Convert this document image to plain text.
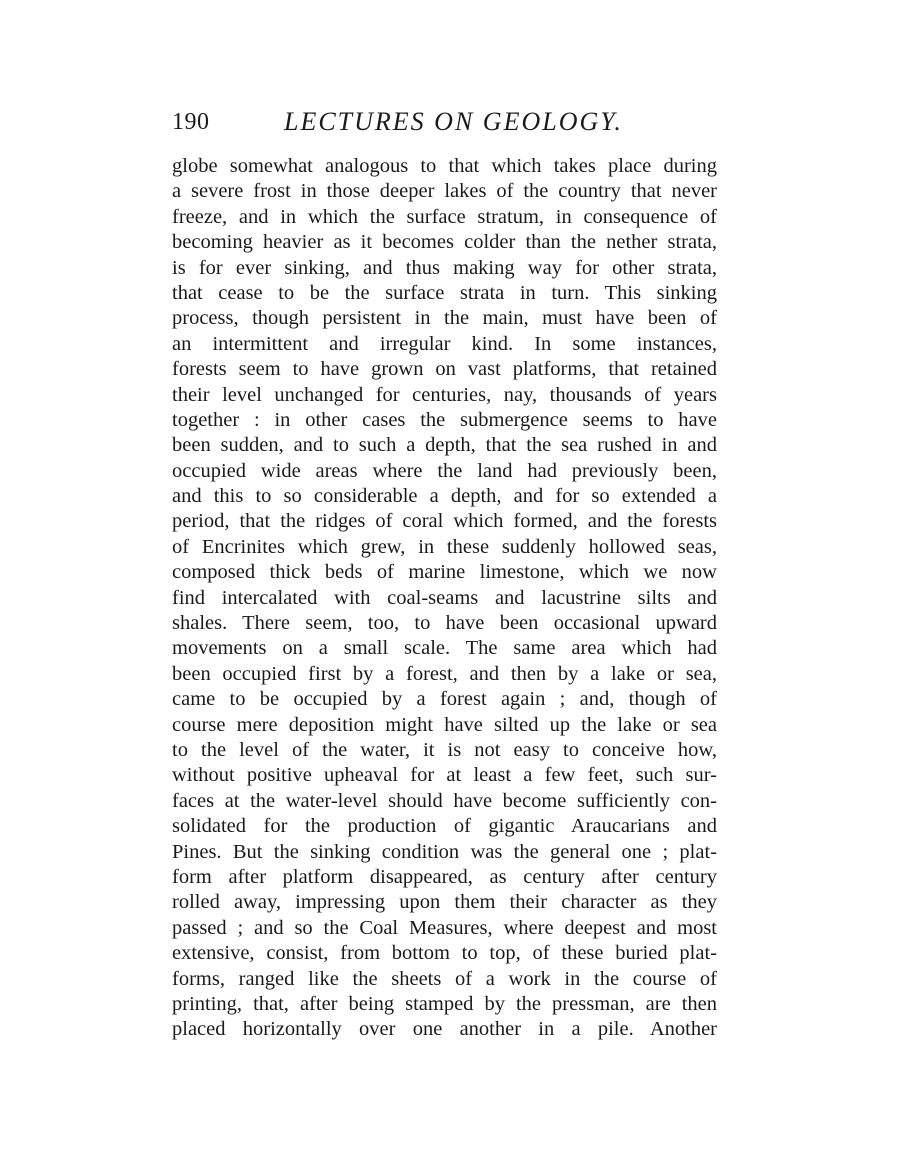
190	LECTURES ON GEOLOGY.
globe somewhat analogous to that which takes place during
a severe frost in those deeper lakes of the country that never
freeze, and in which the surface stratum, in consequence of
becoming heavier as it becomes colder than the nether strata,
is for ever sinking, and thus making way for other strata,
that cease to be the surface strata in turn. This sinking
process, though persistent in the main, must have been of
an intermittent and irregular kind. In some instances,
forests seem to have grown on vast platforms, that retained
their level unchanged for centuries, nay, thousands of years
together : in other cases the submergence seems to have
been sudden, and to such a depth, that the sea rushed in and
occupied wide areas where the land had previously been,
and this to so considerable a depth, and for so extended a
period, that the ridges of coral which formed, and the forests
of Encrinites which grew, in these suddenly hollowed seas,
composed thick beds of marine limestone, which we now
find intercalated with coal-seams and lacustrine silts and
shales. There seem, too, to have been occasional upward
movements on a small scale. The same area which had
been occupied first by a forest, and then by a lake or sea,
came to be occupied by a forest again ; and, though of
course mere deposition might have silted up the lake or sea
to the level of the water, it is not easy to conceive how,
without positive upheaval for at least a few feet, such sur-
faces at the water-level should have become sufficiently con-
solidated for the production of gigantic Araucarians and
Pines. But the sinking condition was the general one ; plat-
form after platform disappeared, as century after century
rolled away, impressing upon them their character as they
passed ; and so the Coal Measures, where deepest and most
extensive, consist, from bottom to top, of these buried plat-
forms, ranged like the sheets of a work in the course of
printing, that, after being stamped by the pressman, are then
placed horizontally over one another in a pile. Another
